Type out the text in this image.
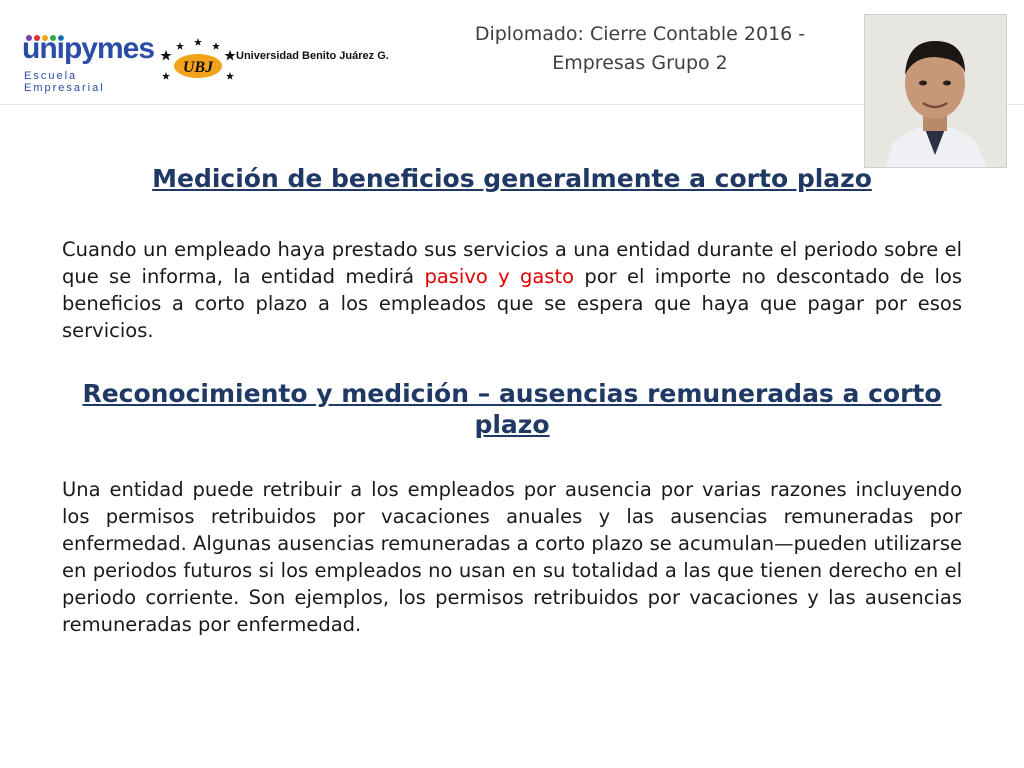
unipymes
Escuela Empresarial
UBJ
Universidad Benito Juárez G.
Diplomado: Cierre Contable 2016 -
Empresas Grupo 2
Medición de beneficios generalmente a corto plazo

Cuando un empleado haya prestado sus servicios a una entidad durante el periodo sobre el que se informa, la entidad medirá pasivo y gasto por el importe no descontado de los beneficios a corto plazo a los empleados que se espera que haya que pagar por esos servicios.

Reconocimiento y medición – ausencias remuneradas a corto plazo

Una entidad puede retribuir a los empleados por ausencia por varias razones incluyendo los permisos retribuidos por vacaciones anuales y las ausencias remuneradas por enfermedad. Algunas ausencias remuneradas a corto plazo se acumulan—pueden utilizarse en periodos futuros si los empleados no usan en su totalidad a las que tienen derecho en el periodo corriente. Son ejemplos, los permisos retribuidos por vacaciones y las ausencias remuneradas por enfermedad.
